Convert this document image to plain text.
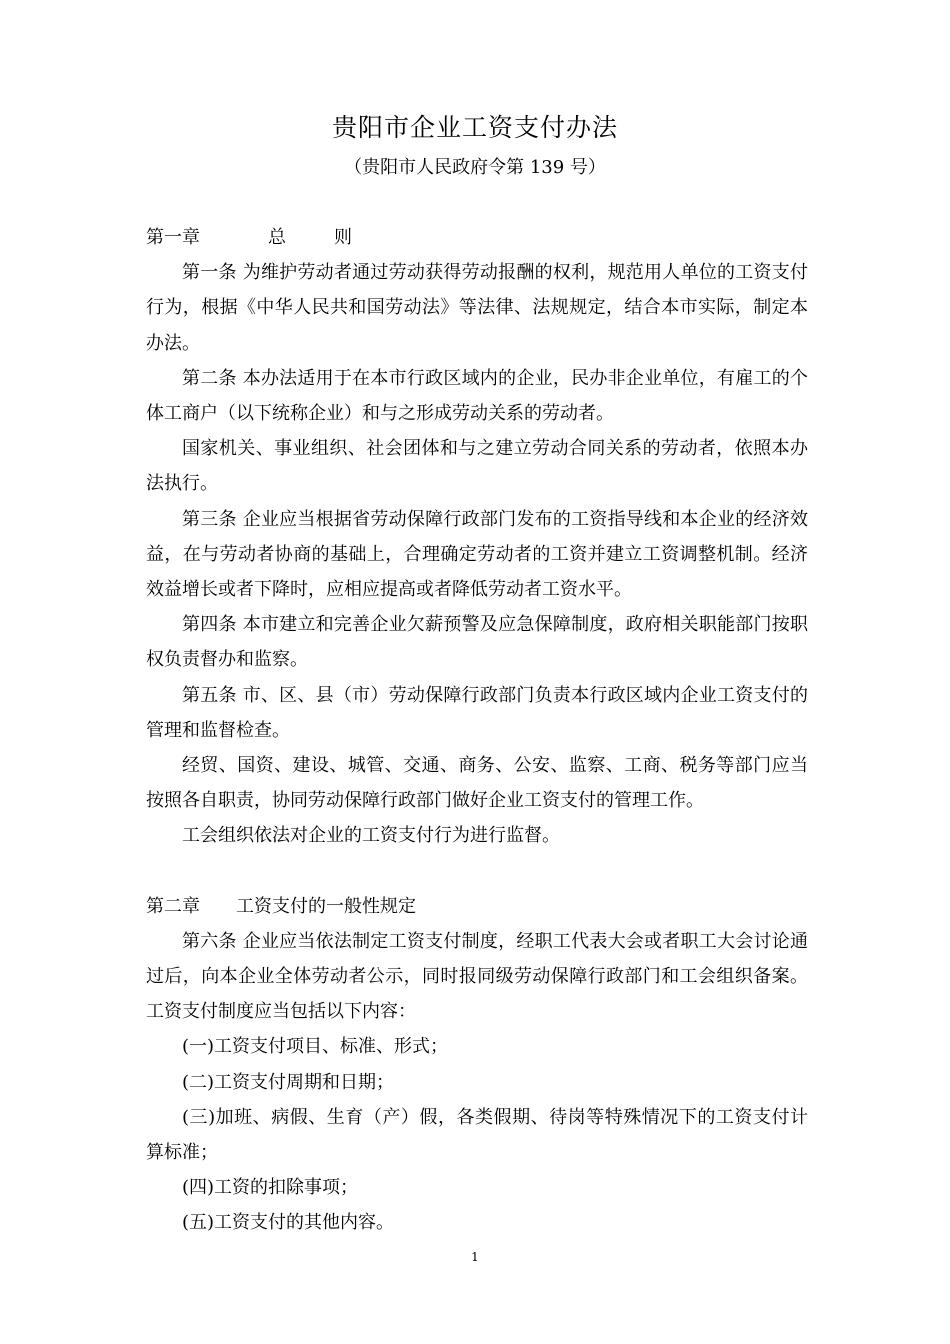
贵阳市企业工资支付办法
（贵阳市人民政府令第 139 号）

第一章	总	则

第一条 为维护劳动者通过劳动获得劳动报酬的权利，规范用人单位的工资支付行为，根据《中华人民共和国劳动法》等法律、法规规定，结合本市实际，制定本办法。

第二条 本办法适用于在本市行政区域内的企业，民办非企业单位，有雇工的个体工商户（以下统称企业）和与之形成劳动关系的劳动者。

国家机关、事业组织、社会团体和与之建立劳动合同关系的劳动者，依照本办法执行。

第三条 企业应当根据省劳动保障行政部门发布的工资指导线和本企业的经济效益，在与劳动者协商的基础上，合理确定劳动者的工资并建立工资调整机制。经济效益增长或者下降时，应相应提高或者降低劳动者工资水平。

第四条 本市建立和完善企业欠薪预警及应急保障制度，政府相关职能部门按职权负责督办和监察。

第五条 市、区、县（市）劳动保障行政部门负责本行政区域内企业工资支付的管理和监督检查。

经贸、国资、建设、城管、交通、商务、公安、监察、工商、税务等部门应当按照各自职责，协同劳动保障行政部门做好企业工资支付的管理工作。

工会组织依法对企业的工资支付行为进行监督。

第二章 工资支付的一般性规定

第六条 企业应当依法制定工资支付制度，经职工代表大会或者职工大会讨论通过后，向本企业全体劳动者公示，同时报同级劳动保障行政部门和工会组织备案。工资支付制度应当包括以下内容：

(一)工资支付项目、标准、形式；

(二)工资支付周期和日期；

(三)加班、病假、生育（产）假，各类假期、待岗等特殊情况下的工资支付计算标准；

(四)工资的扣除事项；

(五)工资支付的其他内容。

1
